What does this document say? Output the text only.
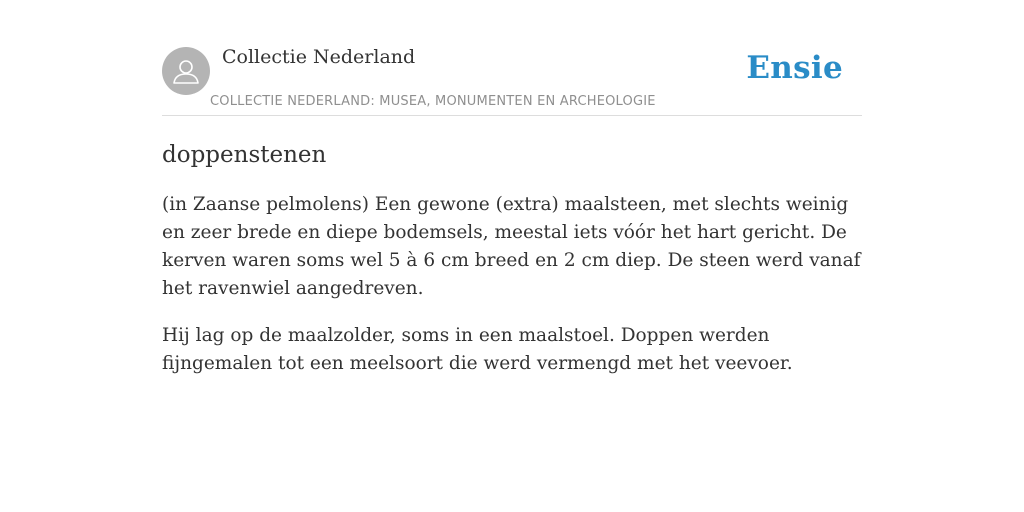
Collectie Nederland
COLLECTIE NEDERLAND: MUSEA, MONUMENTEN EN ARCHEOLOGIE
Ensie
doppenstenen

(in Zaanse pelmolens) Een gewone (extra) maalsteen, met slechts weinig en zeer brede en diepe bodemsels, meestal iets vóór het hart gericht. De kerven waren soms wel 5 à 6 cm breed en 2 cm diep. De steen werd vanaf het ravenwiel aangedreven.

Hij lag op de maalzolder, soms in een maalstoel. Doppen werden fijngemalen tot een meelsoort die werd vermengd met het veevoer.
